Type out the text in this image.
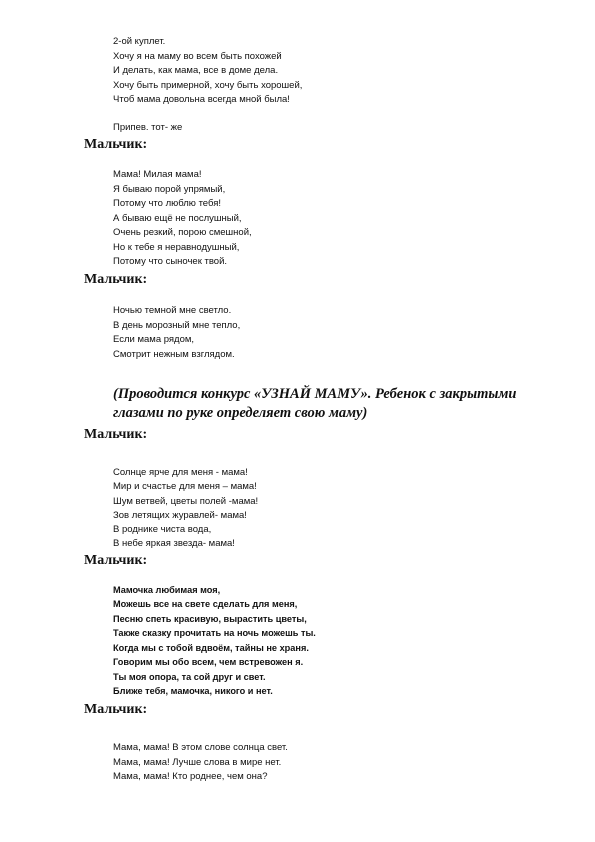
2-ой куплет.
Хочу я на маму во всем быть похожей
И делать, как мама, все в доме дела.
Хочу быть примерной, хочу быть хорошей,
Чтоб мама довольна всегда мной была!
Припев. тот- же
Мальчик:
Мама! Милая мама!
Я бываю порой упрямый,
Потому что люблю тебя!
А бываю ещё не послушный,
Очень резкий, порою смешной,
Но к тебе я неравнодушный,
Потому что сыночек твой.
Мальчик:
Ночью темной мне светло.
В день морозный мне тепло,
Если мама рядом,
Смотрит нежным взглядом.
(Проводится конкурс «УЗНАЙ МАМУ». Ребенок с закрытыми
глазами по руке определяет свою маму)
Мальчик:
Солнце ярче для меня - мама!
Мир и счастье для меня – мама!
Шум ветвей, цветы полей -мама!
Зов летящих журавлей- мама!
В роднике чиста вода,
В небе яркая звезда- мама!
Мальчик:
Мамочка любимая моя,
Можешь все на свете сделать для меня,
Песню спеть красивую, вырастить цветы,
Также сказку прочитать на ночь можешь ты.
Когда мы с тобой вдвоём, тайны не храня.
Говорим мы обо всем, чем встревожен я.
Ты моя опора, та сой друг и свет.
Ближе тебя, мамочка, никого и нет.
Мальчик:
Мама, мама! В этом слове солнца свет.
Мама, мама! Лучше слова в мире нет.
Мама, мама! Кто роднее, чем она?
